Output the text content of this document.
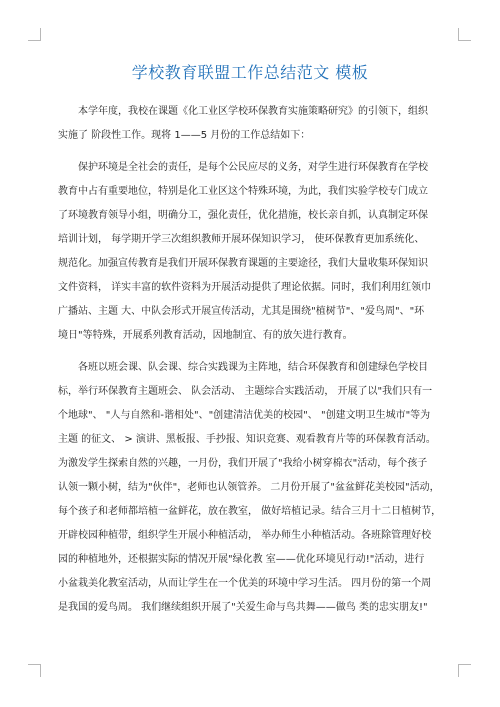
学校教育联盟工作总结范文 模板
本学年度，我校在课题《化工业区学校环保教育实施策略研究》的引领下，组织
实施了 阶段性工作。现将 1——5 月份的工作总结如下：
保护环境是全社会的责任，是每个公民应尽的义务，对学生进行环保教育在学校
教育中占有重要地位，特别是化工业区这个特殊环境，为此，我们实验学校专门成立
了环境教育领导小组，明确分工，强化责任，优化措施，校长亲自抓，认真制定环保
培训计划， 每学期开学三次组织教师开展环保知识学习， 使环保教育更加系统化、
规范化。加强宣传教育是我们开展环保教育课题的主要途径，我们大量收集环保知识
文件资料， 详实丰富的软件资料为开展活动提供了理论依据。同时，我们利用红领巾
广播站、主题 大、中队会形式开展宣传活动，尤其是围绕"植树节"、"爱鸟周"、"环
境日"等特殊，开展系列教育活动，因地制宜、有的放矢进行教育。
各班以班会课、队会课、综合实践课为主阵地，结合环保教育和创建绿色学校目
标，举行环保教育主题班会、 队会活动、 主题综合实践活动， 开展了以"我们只有一
个地球"、 "人与自然和-谐相处"、"创建清洁优美的校园"、 "创建文明卫生城市"等为
主题 的征文、 > 演讲、黑板报、手抄报、知识竞赛、观看教育片等的环保教育活动。
为激发学生探索自然的兴趣，一月份，我们开展了"我给小树穿棉衣"活动，每个孩子
认领一颗小树，结为"伙伴"，老师也认领管养。 二月份开展了"盆盆鲜花美校园"活动，
每个孩子和老师都培植一盆鲜花，放在教室， 做好培植记录。结合三月十二日植树节，
开辟校园种植带，组织学生开展小种植活动， 举办师生小种植活动。各班除管理好校
园的种植地外，还根据实际的情况开展"绿化教 室——优化环境见行动!"活动，进行
小盆栽美化教室活动，从而让学生在一个优美的环境中学习生活。 四月份的第一个周
是我国的爱鸟周。 我们继续组织开展了"关爱生命与鸟共舞——做鸟 类的忠实朋友!"
